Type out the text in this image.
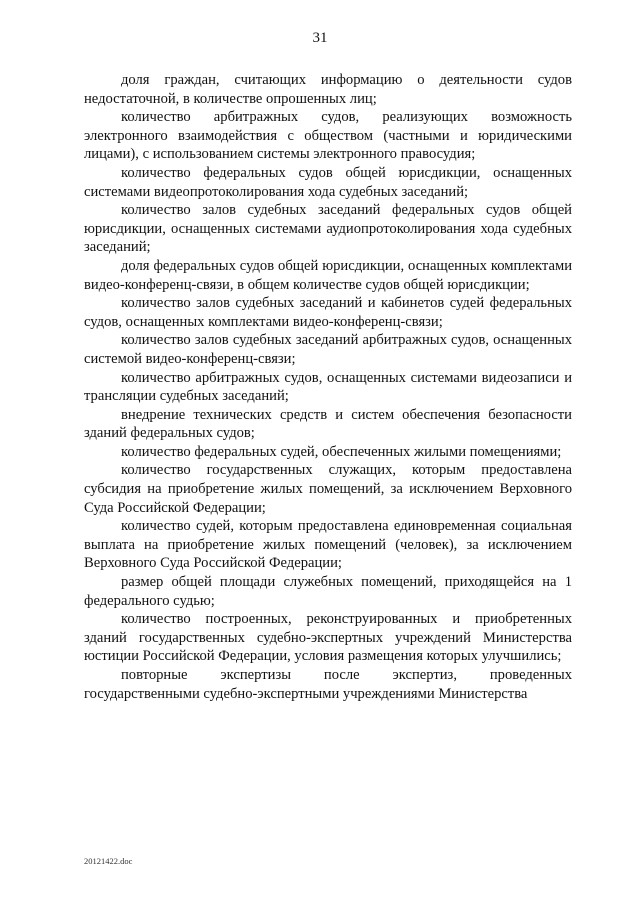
31

доля граждан, считающих информацию о деятельности судов недостаточной, в количестве опрошенных лиц;

количество арбитражных судов, реализующих возможность электронного взаимодействия с обществом (частными и юридическими лицами), с использованием системы электронного правосудия;

количество федеральных судов общей юрисдикции, оснащенных системами видеопротоколирования хода судебных заседаний;

количество залов судебных заседаний федеральных судов общей юрисдикции, оснащенных системами аудиопротоколирования хода судебных заседаний;

доля федеральных судов общей юрисдикции, оснащенных комплектами видео-конференц-связи, в общем количестве судов общей юрисдикции;

количество залов судебных заседаний и кабинетов судей федеральных судов, оснащенных комплектами видео-конференц-связи;

количество залов судебных заседаний арбитражных судов, оснащенных системой видео-конференц-связи;

количество арбитражных судов, оснащенных системами видеозаписи и трансляции судебных заседаний;

внедрение технических средств и систем обеспечения безопасности зданий федеральных судов;

количество федеральных судей, обеспеченных жилыми помещениями;

количество государственных служащих, которым предоставлена субсидия на приобретение жилых помещений, за исключением Верховного Суда Российской Федерации;

количество судей, которым предоставлена единовременная социальная выплата на приобретение жилых помещений (человек), за исключением Верховного Суда Российской Федерации;

размер общей площади служебных помещений, приходящейся на 1 федерального судью;

количество построенных, реконструированных и приобретенных зданий государственных судебно-экспертных учреждений Министерства юстиции Российской Федерации, условия размещения которых улучшились;

повторные экспертизы после экспертиз, проведенных государственными судебно-экспертными учреждениями Министерства

20121422.doc
